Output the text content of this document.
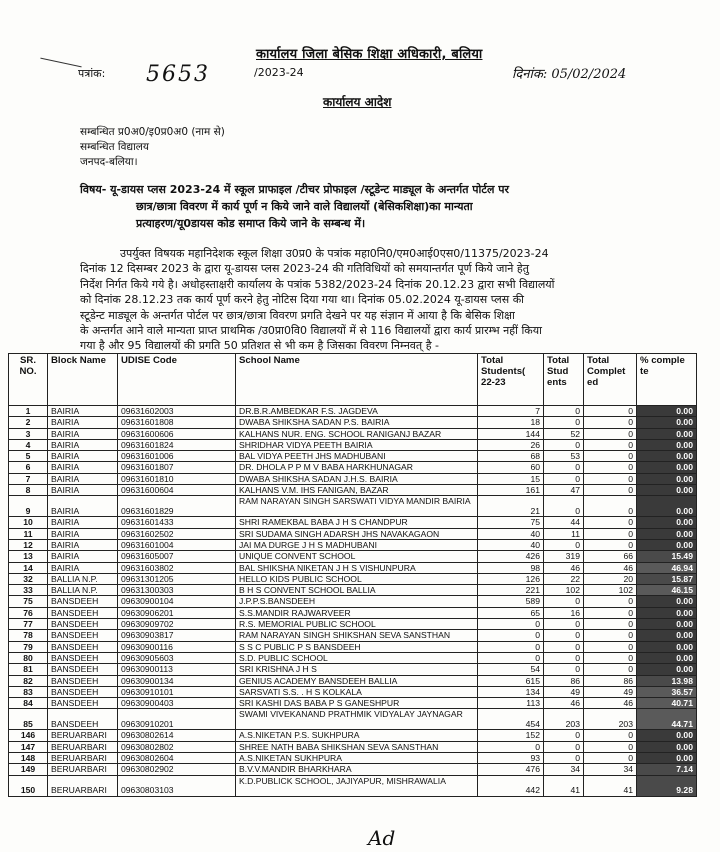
कार्यालय जिला बेसिक शिक्षा अधिकारी, बलिया
पत्रांक: 5653	/2023-24	दिनांक: 05/02/2024
कार्यालय आदेश
सम्बन्धित प्र0अ0/इ0प्र0अ0 (नाम से)
सम्बन्धित विद्यालय
जनपद-बलिया।
विषय- यू-डायस प्लस 2023-24 में स्कूल प्राफाइल /टीचर प्रोफाइल /स्टूडेन्ट माड्यूल के अन्तर्गत पोर्टल पर
छात्र/छात्रा विवरण में कार्य पूर्ण न किये जाने वाले विद्यालयों (बेसिकशिक्षा)का मान्यता
प्रत्याहरण/यू0डायस कोड समाप्त किये जाने के सम्बन्ध में।
उपर्युक्त विषयक महानिदेशक स्कूल शिक्षा उ0प्र0 के पत्रांक महा0नि0/एम0आई0एस0/11375/2023-24
दिनांक 12 दिसम्बर 2023 के द्वारा यू-डायस प्लस 2023-24 की गतिविधियों को समयान्तर्गत पूर्ण किये जाने हेतु
निर्देश निर्गत किये गये है। अधोहस्ताक्षरी कार्यालय के पत्रांक 5382/2023-24 दिनांक 20.12.23 द्वारा सभी विद्यालयों
को दिनांक 28.12.23 तक कार्य पूर्ण करने हेतु नोटिस दिया गया था। दिनांक 05.02.2024 यू-डायस प्लस की
स्टूडेन्ट माड्यूल के अन्तर्गत पोर्टल पर छात्र/छात्रा विवरण प्रगति देखने पर यह संज्ञान में आया है कि बेसिक शिक्षा
के अन्तर्गत आने वाले मान्यता प्राप्त प्राथमिक /उ0प्रा0वि0 विद्यालयों में से 116 विद्यालयों द्वारा कार्य प्रारम्भ नहीं किया
गया है और 95 विद्यालयों की प्रगति 50 प्रतिशत से भी कम है जिसका विवरण निम्नवत् है -
SR. NO.	Block Name	UDISE Code	School Name	Total Students( 22-23	Total Stud ents	Total Complet ed	% comple te
1	BAIRIA	09631602003	DR.B.R.AMBEDKAR F.S. JAGDEVA	7	0	0	0.00
2	BAIRIA	09631601808	DWABA SHIKSHA SADAN P.S. BAIRIA	18	0	0	0.00
3	BAIRIA	09631600606	KALHANS NUR. ENG. SCHOOL RANIGANJ BAZAR	144	52	0	0.00
4	BAIRIA	09631601824	SHRIDHAR VIDYA PEETH BAIRIA	26	0	0	0.00
5	BAIRIA	09631601006	BAL VIDYA PEETH JHS MADHUBANI	68	53	0	0.00
6	BAIRIA	09631601807	DR. DHOLA P P M V BABA HARKHUNAGAR	60	0	0	0.00
7	BAIRIA	09631601810	DWABA SHIKSHA SADAN J.H.S. BAIRIA	15	0	0	0.00
8	BAIRIA	09631600604	KALHANS V.M. IHS FANIGAN, BAZAR	161	47	0	0.00
9	BAIRIA	09631601829	RAM NARAYAN SINGH SARSWATI VIDYA MANDIR BAIRIA	21	0	0	0.00
10	BAIRIA	09631601433	SHRI RAMEKBAL BABA J H S CHANDPUR	75	44	0	0.00
11	BAIRIA	09631602502	SRI SUDAMA SINGH ADARSH JHS NAVAKAGAON	40	11	0	0.00
12	BAIRIA	09631601004	JAI MA DURGE J H S MADHUBANI	40	0	0	0.00
13	BAIRIA	09631605007	UNIQUE CONVENT SCHOOL	426	319	66	15.49
14	BAIRIA	09631603802	BAL SHIKSHA NIKETAN J H S VISHUNPURA	98	46	46	46.94
32	BALLIA N.P.	09631301205	HELLO KIDS PUBLIC SCHOOL	126	22	20	15.87
33	BALLIA N.P.	09631300303	B H S CONVENT SCHOOL BALLIA	221	102	102	46.15
75	BANSDEEH	09630900104	J.P.P.S.BANSDEEH	589	0	0	0.00
76	BANSDEEH	09630906201	S.S.MANDIR RAJWARVEER	65	16	0	0.00
77	BANSDEEH	09630909702	R.S. MEMORIAL PUBLIC SCHOOL	0	0	0	0.00
78	BANSDEEH	09630903817	RAM NARAYAN SINGH SHIKSHAN SEVA SANSTHAN	0	0	0	0.00
79	BANSDEEH	09630900116	S S C PUBLIC P S BANSDEEH	0	0	0	0.00
80	BANSDEEH	09630905603	S.D. PUBLIC SCHOOL	0	0	0	0.00
81	BANSDEEH	09630900113	SRI KRISHNA J H S	54	0	0	0.00
82	BANSDEEH	09630900134	GENIUS ACADEMY BANSDEEH BALLIA	615	86	86	13.98
83	BANSDEEH	09630910101	SARSVATI S.S. . H S KOLKALA	134	49	49	36.57
84	BANSDEEH	09630900403	SRI KASHI DAS BABA P S GANESHPUR	113	46	46	40.71
85	BANSDEEH	09630910201	SWAMI VIVEKANAND PRATHMIK VIDYALAY JAYNAGAR	454	203	203	44.71
146	BERUARBARI	09630802614	A.S.NIKETAN P.S. SUKHPURA	152	0	0	0.00
147	BERUARBARI	09630802802	SHREE NATH BABA SHIKSHAN SEVA SANSTHAN	0	0	0	0.00
148	BERUARBARI	09630802604	A.S.NIKETAN SUKHPURA	93	0	0	0.00
149	BERUARBARI	09630802902	B.V.V.MANDIR BHARKHARA	476	34	34	7.14
150	BERUARBARI	09630803103	K.D.PUBLICK SCHOOL, JAJIYAPUR, MISHRAWALIA	442	41	41	9.28
Ad
